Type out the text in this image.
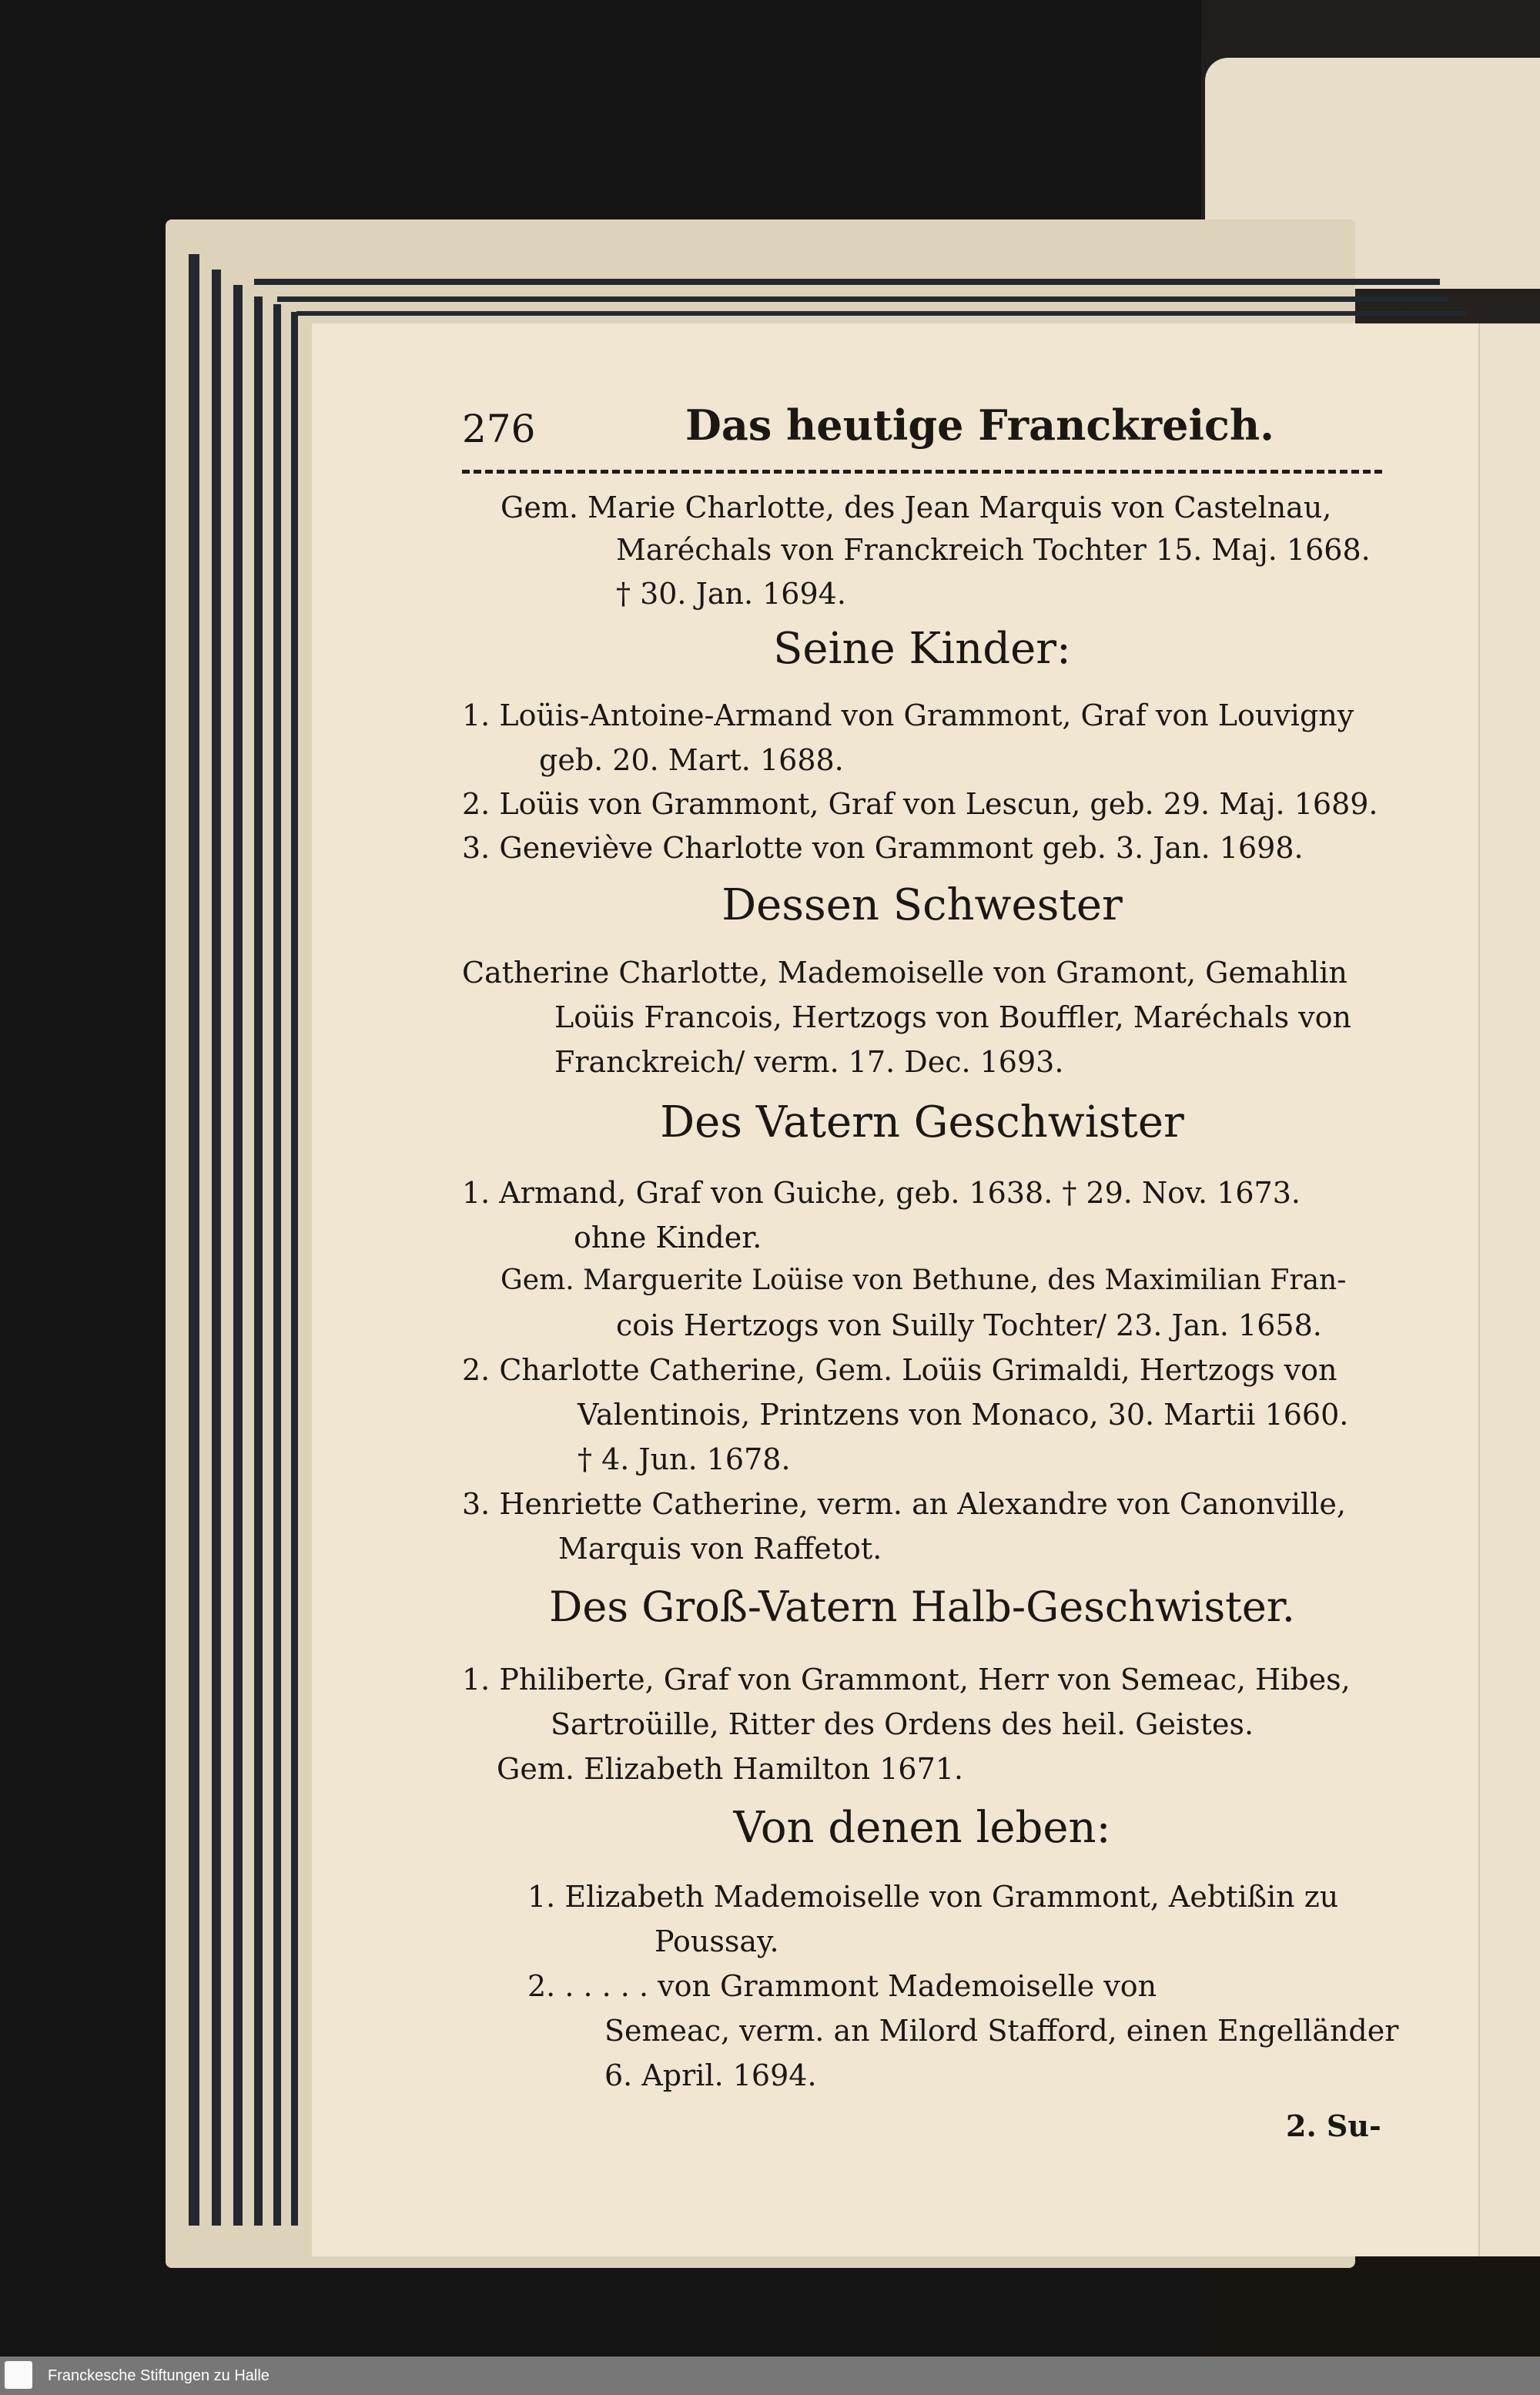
276	Das heutige Franckreich.
Gem. Marie Charlotte, des Jean Marquis von Castelnau,
Maréchals von Franckreich Tochter 15. Maj. 1668.
† 30. Jan. 1694.
Seine Kinder:
1. Loüis-Antoine-Armand von Grammont, Graf von Louvigny
geb. 20. Mart. 1688.
2. Loüis von Grammont, Graf von Lescun, geb. 29. Maj. 1689.
3. Geneviève Charlotte von Grammont geb. 3. Jan. 1698.
Dessen Schwester
Catherine Charlotte, Mademoiselle von Gramont, Gemahlin
Loüis Francois, Hertzogs von Bouffler, Maréchals von
Franckreich/ verm. 17. Dec. 1693.
Des Vatern Geschwister
1. Armand, Graf von Guiche, geb. 1638. † 29. Nov. 1673.
ohne Kinder.
Gem. Marguerite Loüise von Bethune, des Maximilian Fran-
cois Hertzogs von Suilly Tochter/ 23. Jan. 1658.
2. Charlotte Catherine, Gem. Loüis Grimaldi, Hertzogs von
Valentinois, Printzens von Monaco, 30. Martii 1660.
† 4. Jun. 1678.
3. Henriette Catherine, verm. an Alexandre von Canonville,
Marquis von Raffetot.
Des Groß-Vatern Halb-Geschwister.
1. Philiberte, Graf von Grammont, Herr von Semeac, Hibes,
Sartroüille, Ritter des Ordens des heil. Geistes.
Gem. Elizabeth Hamilton 1671.
Von denen leben:
1. Elizabeth Mademoiselle von Grammont, Aebtißin zu
Poussay.
2. . . . . . von Grammont Mademoiselle von
Semeac, verm. an Milord Stafford, einen Engelländer
6. April. 1694.
2. Su-
Franckesche Stiftungen zu Halle
